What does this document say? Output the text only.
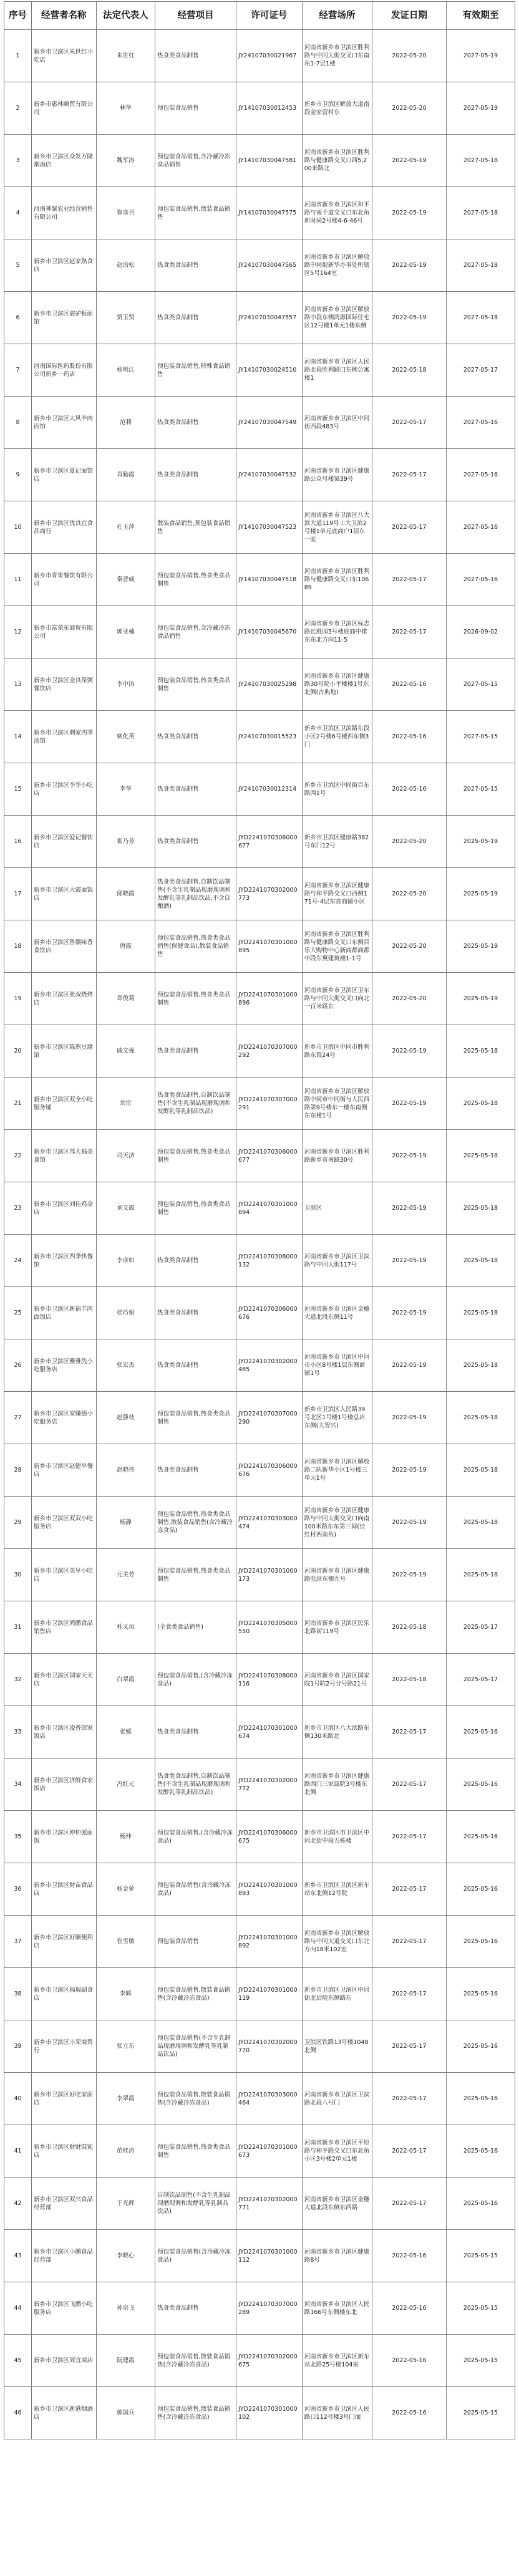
序号	经营者名称	法定代表人	经营项目	许可证号	经营场所	发证日期	有效期至
1	新乡市卫滨区朱世红小吃店	朱世红	热食类食品制售	JY24107030021967	河南省新乡市卫滨区胜利路与中同大街交叉口东南角1-7层1楼	2022-05-20	2027-05-19
2	新乡市惠林颐贸有限公司	林华	预包装食品销售	JY14107030012453	新乡市卫滨区解放大道南段金家营村东	2022-05-20	2027-05-19
3	新乡市卫滨区众发万隆烟酒店	魏军涛	预包装食品销售,含冷藏冷冻食品销售	JY14107030047581	河南省新乡市卫滨区胜利路与健康路交叉口西5,200米路北	2022-05-19	2027-05-18
4	河南神聚农业经营销售有限公司	崔彦召	预包装食品销售,散装食品销售	JY14107030047575	河南省新乡市卫滨区和平路与南干道交叉口东北角新时尚2号楼4-6-46号	2022-05-19	2027-05-18
5	新乡市卫滨区赵家熟食店	赵治松	热食类食品制售	JY24107030047565	河南省新乡市卫滨区解放路中同街新华办事处所辖区5号164室	2022-05-19	2027-05-18
6	新乡市卫滨区震驴板面馆	贾玉贤	热食类食品制售	JY24107030047557	河南省新乡市卫滨区解放路中段东侧鸿源国际住宅区12号楼1单元1楼东侧	2022-05-19	2027-05-18
7	河南国际医药股份有限公司新乡一药店	杨明江	预包装食品销售,特殊食品销售	JY14107030024510	河南省新乡市卫滨区人民路北段胜利路口东侧公寓楼1	2022-05-18	2027-05-17
8	新乡市卫滨区大风羊肉面馆	范莉	热食类食品制售	JY24107030047549	河南省新乡市卫滨区中同街西段483号	2022-05-17	2027-05-16
9	新乡市卫滨区夏记面馆店	肖勤霞	热食类食品制售	JY24107030047532	河南省新乡市卫滨区健康路公众号楼第39号	2022-05-17	2027-05-16
10	新乡市卫滨区优良宜食品商行	孔玉萍	散装食品销售,预包装食品销售	JY14107030047523	河南省新乡市卫滨区八大滨大道119号工大卫滨2号楼1单元底商户1层东一室	2022-05-17	2027-05-16
11	新乡市青果餐饮有限公司	秦晋威	预包装食品销售,热食类食品制售	JY14107030047518	河南省新乡市卫滨区胜利路与健康路交叉口东10689	2022-05-17	2027-05-16
12	新乡市富荣东商贸有限公司	郭亚楠	预包装食品销售,含冷藏冷冻食品销售	JY14107030045670	河南省新乡市卫滨区标志路长胜园3号楼底商中排东东北方向11-5	2022-05-17	2026-09-02
13	新乡市卫滨区金良保粥餐饮店	李中涛	预包装食品销售,热食类食品制售	JY24107030025298	河南省新乡市卫滨区健康路30号院小平楼楼1号东北侧(古典地)	2022-05-16	2027-05-15
14	新乡市卫滨区刺家四季汤馆	刺化英	热食类食品制售	JY24107030015523	新乡市卫滨区卫滨路东段小区2号楼6号楼西东侧3门	2022-05-16	2027-05-15
15	新乡市卫滨区李华小吃店	李华	热食类食品制售	JY24107030012314	新乡市卫滨区中同街百东路西1号	2022-05-16	2027-05-15
16	新乡市卫滨区爱记餐饮店	霍乃芳	热食类食品制售	JYD2241070306000677	新乡市卫滨区健康路382号东门12号	2022-05-20	2025-05-19
17	新乡市卫滨区大霞面饭店	邱晓霞	热食类食品制售,自制饮品制售(不含生乳制品现磨现调和发酵乳等乳制品饮品,不含自酿酒)	JYD2241070302000773	河南省新乡市卫滨区健康路与和平路交叉口西侧171号-4层东首商铺小区	2022-05-20	2025-05-19
18	新乡市卫滨区鲁赣味香食饮店	唐霞	预包装食品销售,热食类食品销售(保健食品),散装食品销售	JYD2241070301000895	河南省新乡市卫滨区胜利路与健康路交叉口东侧百乐大购物中心新商都商都中段东翼建筑楼1-1号	2022-05-20	2025-05-19
19	新乡市卫滨区张叔烧烤店	邓俊莉	预包装食品销售,热食类食品制售	JYD2241070301000896	河南省新乡市卫滨区卫东路与中同大街交叉口向北一百米路东	2022-05-20	2025-05-19
20	新乡市卫滨区陈熬豆腐馆	戚文强	热食类食品制售	JYD2241070307000292	新乡市卫滨区中同市胜利路东段24号	2022-05-19	2025-05-18
21	新乡市卫滨区双全小吃服务铺	刘宗	热食类食品制售,自制饮品制售(不含生乳制品现磨现调和发酵乳等乳制品饮品)	JYD2241070307000291	河南省新乡市卫滨区解放路中同市中同街与人民西路第9号楼东一楼东南侧东东楼1号	2022-05-19	2025-05-18
22	新乡市卫滨区邦大福美食馆	司天济	预包装食品销售,热食类食品制售	JYD2241070306000677	河南省新乡市卫滨区胜利路新乡市南路30号	2022-05-19	2025-05-18
23	新乡市卫滨区刘佳鸡金店	刘文霞	预包装食品销售,热食类食品制售	JYD2241070301000894	卫滨区	2022-05-19	2025-05-18
24	新乡市卫滨区四季快餐馆	李彦如	热食类食品制售	JYD2241070308000132	河南省新乡市卫滨区卫滨路与中同大街117号	2022-05-19	2025-05-18
25	新乡市卫滨区新福羊肉面饭店	张巧娟	热食类食品制售	JYD2241070306000676	河南省新乡市卫滨区金穗大道北段东侧11号	2022-05-19	2025-05-18
26	新乡市卫滨区雅雅洗小吃服务店	张宏杰	热食类食品制售	JYD2241070302000465	河南省新乡市卫滨区中同市小区8号楼1层东侧商铺1号	2022-05-19	2025-05-18
27	新乡市卫滨区家赚德小吃服务店	赵静枝	预包装食品销售,热食类食品制售	JYD2241070307000290	新乡市卫滨区人民路39号北区1号楼1号楼总店东侧(大智兴)	2022-05-19	2025-05-18
28	新乡市卫滨区赵健早餐店	赵晓伟	热食类食品制售	JYD2241070306000676	河南省新乡市卫滨区解放路二队新华小区1号楼三单元1号	2022-05-19	2025-05-18
29	新乡市卫滨区双双小吃服务店	杨静	预包装食品销售,热食类食品制售,散装食品销售(含冷藏冷冻食品)	JYD2241070303000474	河南省新乡市卫滨区健康路与中同大街交叉口向南100米路东东第三间(长红村西南角)	2022-05-19	2025-05-18
30	新乡市卫滨区美早小吃店	元美芳	预包装食品销售,热食类食品制售	JYD2241070301000173	河南省新乡市卫滨区健康路电站东侧九号	2022-05-19	2025-05-18
31	新乡市卫滨区鸿鹏食品销售店	杜义凤	(全食类食品销售)	JYD2241070305000550	河南省新乡市卫滨区民乐北路街119号	2022-05-18	2025-05-17
32	新乡市卫滨区国家天天店	白翠霞	预包装食品销售,(含冷藏冷冻食品)	JYD2241070308000116	河南省新乡市卫滨区国家院1号院2号分号路21号	2022-05-18	2025-05-17
33	新乡市卫滨区凌香馆家饭店	张媛	热食类食品制售	JYD2241070301000674	新乡市卫滨区八大滨路东侧130米路北	2022-05-17	2025-05-16
34	新乡市卫滨区济鲜食家饭店	冯红元	热食类食品制售,自制饮品制售(不含生乳制品现磨现调和发酵乳等乳制品饮品)	JYD2241070302000772	河南省新乡市卫滨区健康路西门三家属院3号楼东北侧	2022-05-17	2025-05-16
35	新乡市卫滨区仲仲派面饭	杨仲	预包装食品销售,(含冷藏冷冻食品)	JYD2241070306000675	新乡市卫滨区市卫滨区中同北街中段五栋楼	2022-05-17	2025-05-16
36	新乡市卫滨区财苗食品店	杨金萝	预包装食品销售(含冷藏冷冻食品)	JYD2241070301000893	新乡市卫滨区卫滨区新车站东北侧12号院	2022-05-17	2025-05-16
37	新乡市卫滨区好顺便利店	崔雪敏	预包装食品销售	JYD2241070301000892	河南省新乡市卫滨区解放路与中同大道交叉口东北方向18米102室	2022-05-17	2025-05-16
38	新乡市卫滨区福瑞副食店	李辉	预包装食品销售,散装食品销售(含冷藏冷冻食品)	JYD2241070301000119	新乡市卫滨区卫滨区中同街北后院东侧路东	2022-05-17	2025-05-16
39	新乡市卫滨区丰荣商贸行	张立东	预包装食品销售(不含生乳制品现磨现调和发酵乳等乳制品饮品)	JYD2241070302000770	卫滨区铁路13号楼1048北侧	2022-05-17	2025-05-16
40	新乡市卫滨区好吃家面店	李翠霞	预包装食品销售,散装食品销售(含冷藏冷冻食品)	JYD2241070303000464	河南省新乡市卫滨区卫滨路北段八号门	2022-05-17	2025-05-16
41	新乡市卫滨区财财馄饨店	范桂涛	预包装食品销售,热食类食品制售	JYD2241070301000673	河南省新乡市卫滨区平原路与和平路交叉口东北角小区3号楼2单元1楼	2022-05-17	2025-05-16
42	新乡市卫滨区双兴食品经营部	于光辉	自制饮品制售(不含生乳制品现磨现调和发酵乳等乳制品饮品)	JYD2241070302000771	河南省新乡市卫滨区金穗大道北段东侧东西路	2022-05-17	2025-05-16
43	新乡市卫滨区小鹏食品经营部	李晓心	预包装食品销售(含冷藏冷冻食品)	JYD2241070301000112	河南省新乡市卫滨区健康路8号	2022-05-16	2025-05-15
44	新乡市卫滨区飞鹏小吃服务店	孙宗飞	热食类食品制售	JYD2241070307000289	河南省新乡市卫滨区人民路166号东侧楼东北	2022-05-16	2025-05-15
45	新乡市卫滨区周宜商店	阮建霞	预包装食品销售,散装食品销售(含冷藏冷冻食品)	JYD2241070302000675	河南省新乡市卫滨区新车站北路25号楼104室	2022-05-16	2025-05-15
46	新乡市卫滨区新港烟酒店	郭国兵	预包装食品销售,散装食品销售(含冷藏冷冻食品)	JYD2241070301000102	河南省新乡市卫滨区人民路口112号楼3号门面	2022-05-16	2025-05-15
